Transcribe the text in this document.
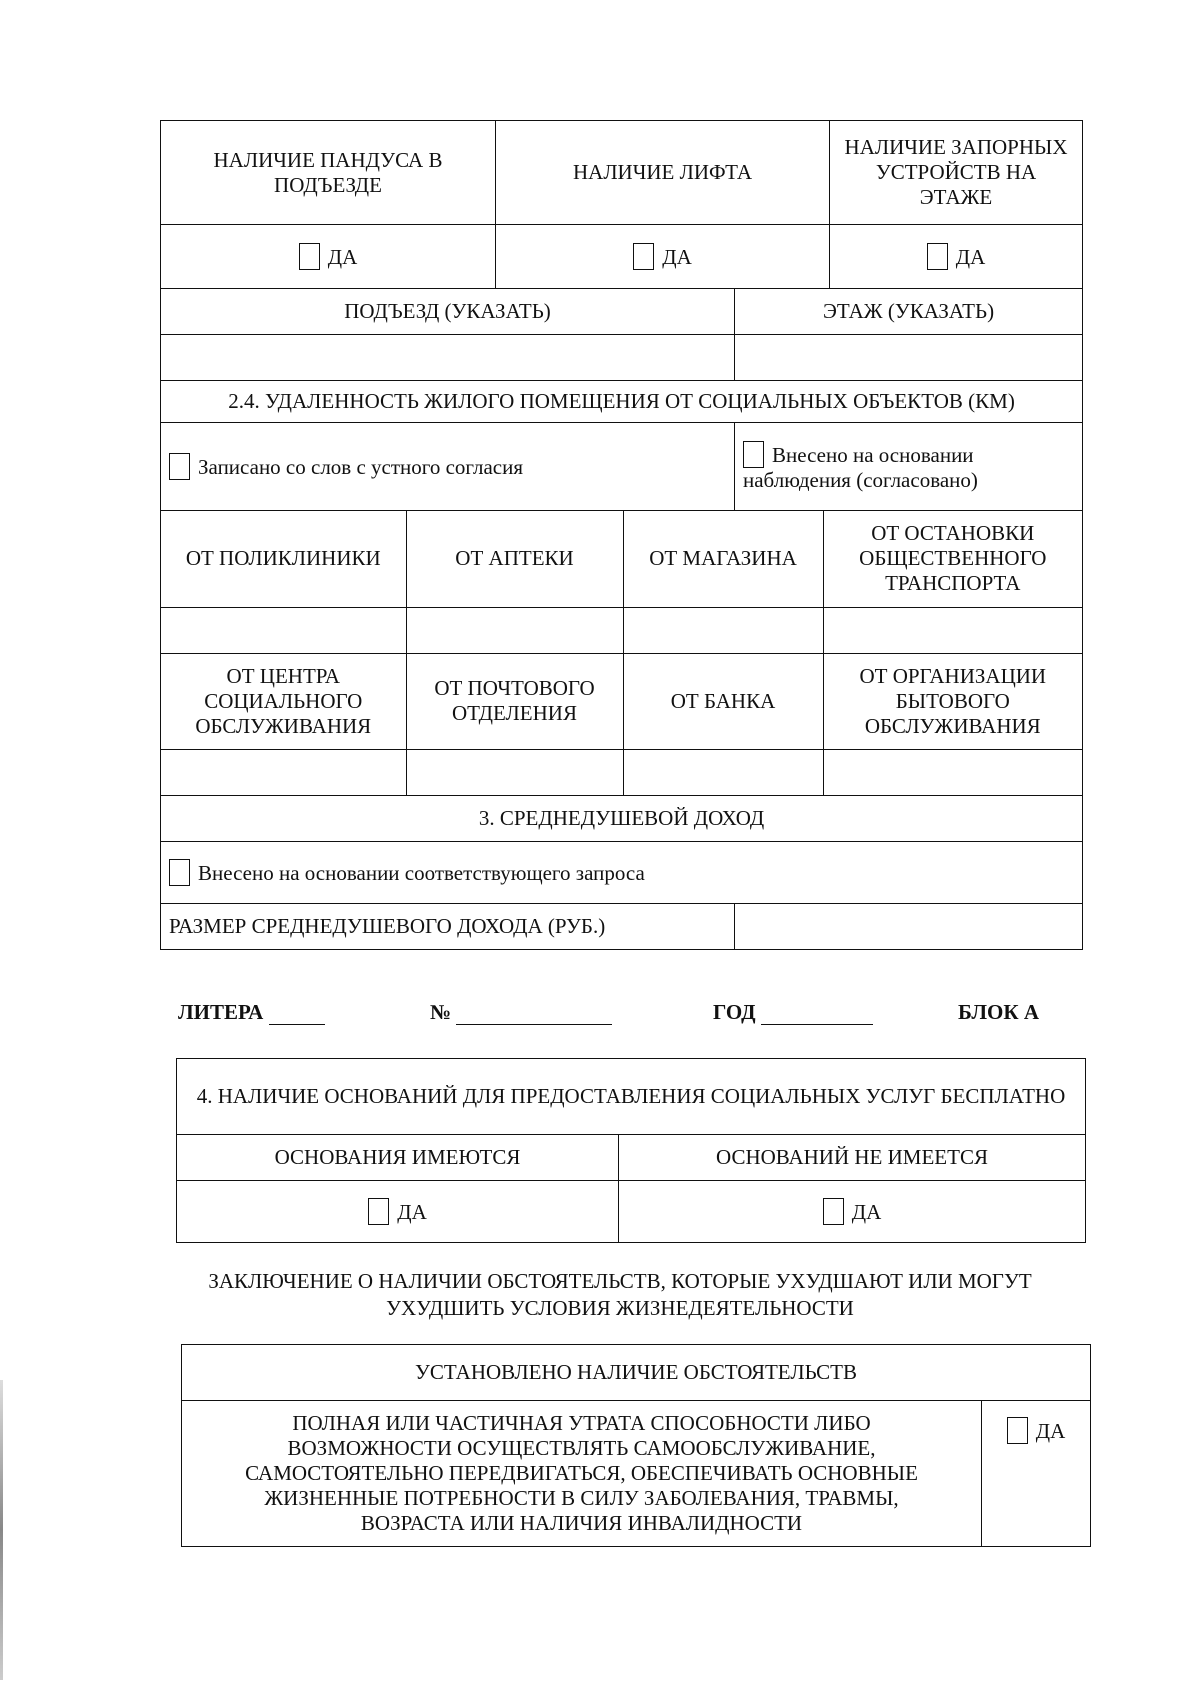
НАЛИЧИЕ ПАНДУСА В ПОДЪЕЗДЕ	НАЛИЧИЕ ЛИФТА	НАЛИЧИЕ ЗАПОРНЫХ УСТРОЙСТВ НА ЭТАЖЕ
ДА	ДА	ДА
ПОДЪЕЗД (УКАЗАТЬ)	ЭТАЖ (УКАЗАТЬ)

2.4. УДАЛЕННОСТЬ ЖИЛОГО ПОМЕЩЕНИЯ ОТ СОЦИАЛЬНЫХ ОБЪЕКТОВ (КМ)
Записано со слов с устного согласия	Внесено на основании наблюдения (согласовано)

ОТ ПОЛИКЛИНИКИ	ОТ АПТЕКИ	ОТ МАГАЗИНА	ОТ ОСТАНОВКИ ОБЩЕСТВЕННОГО ТРАНСПОРТА

ОТ ЦЕНТРА СОЦИАЛЬНОГО ОБСЛУЖИВАНИЯ	ОТ ПОЧТОВОГО ОТДЕЛЕНИЯ	ОТ БАНКА	ОТ ОРГАНИЗАЦИИ БЫТОВОГО ОБСЛУЖИВАНИЯ

3. СРЕДНЕДУШЕВОЙ ДОХОД
Внесено на основании соответствующего запроса
РАЗМЕР СРЕДНЕДУШЕВОГО ДОХОДА (РУБ.)	
ЛИТЕРА	№	ГОД	БЛОК А
4. НАЛИЧИЕ ОСНОВАНИЙ ДЛЯ ПРЕДОСТАВЛЕНИЯ СОЦИАЛЬНЫХ УСЛУГ БЕСПЛАТНО	
ОСНОВАНИЯ ИМЕЮТСЯ	ОСНОВАНИЙ НЕ ИМЕЕТСЯ
ДА	ДА
ЗАКЛЮЧЕНИЕ О НАЛИЧИИ ОБСТОЯТЕЛЬСТВ, КОТОРЫЕ УХУДШАЮТ ИЛИ МОГУТ УХУДШИТЬ УСЛОВИЯ ЖИЗНЕДЕЯТЕЛЬНОСТИ
УСТАНОВЛЕНО НАЛИЧИЕ ОБСТОЯТЕЛЬСТВ
ПОЛНАЯ ИЛИ ЧАСТИЧНАЯ УТРАТА СПОСОБНОСТИ ЛИБО ВОЗМОЖНОСТИ ОСУЩЕСТВЛЯТЬ САМООБСЛУЖИВАНИЕ, САМОСТОЯТЕЛЬНО ПЕРЕДВИГАТЬСЯ, ОБЕСПЕЧИВАТЬ ОСНОВНЫЕ ЖИЗНЕННЫЕ ПОТРЕБНОСТИ В СИЛУ ЗАБОЛЕВАНИЯ, ТРАВМЫ, ВОЗРАСТА ИЛИ НАЛИЧИЯ ИНВАЛИДНОСТИ	ДА
